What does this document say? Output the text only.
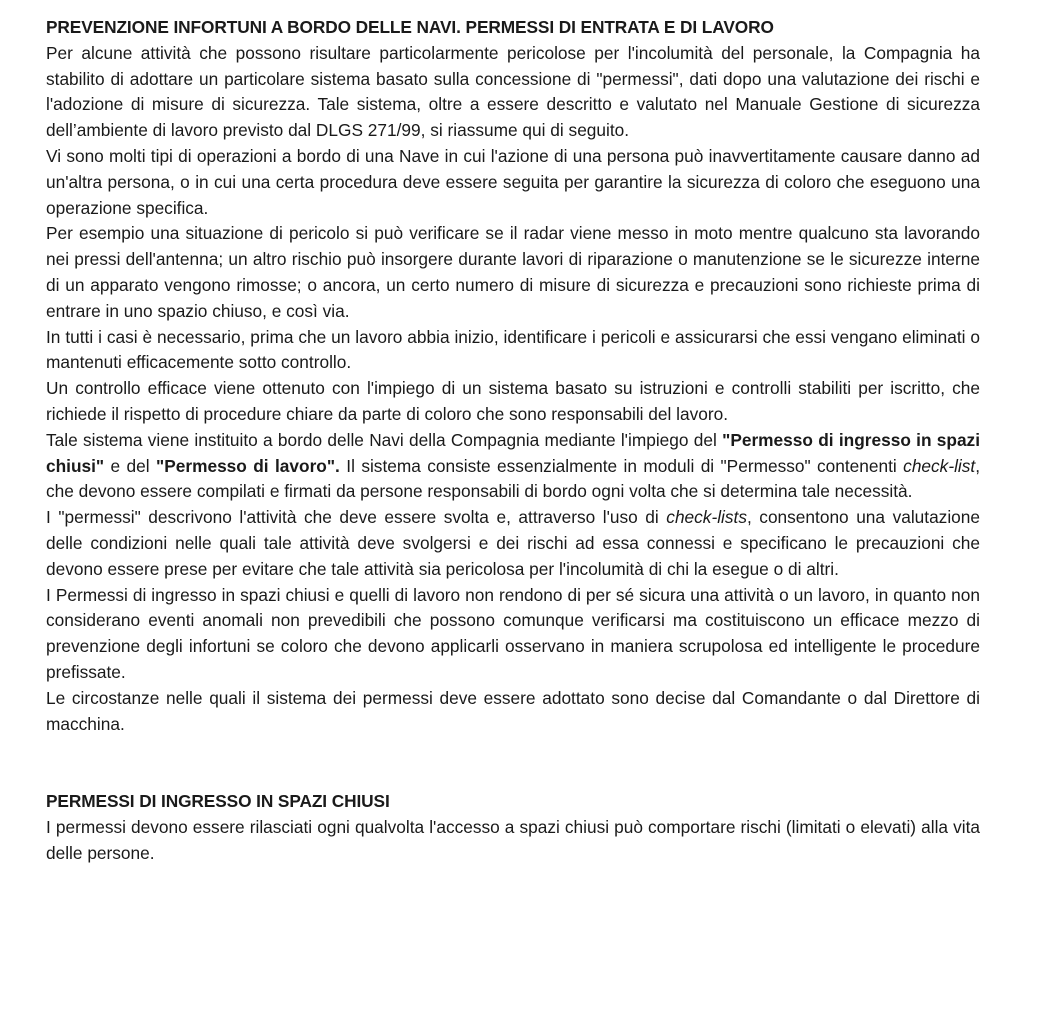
PREVENZIONE INFORTUNI A BORDO DELLE NAVI. PERMESSI DI ENTRATA E DI LAVORO

Per alcune attività che possono risultare particolarmente pericolose per l'incolumità del personale, la Compagnia ha stabilito di adottare un particolare sistema basato sulla concessione di "permessi", dati dopo una valutazione dei rischi e l'adozione di misure di sicurezza. Tale sistema, oltre a essere descritto e valutato nel Manuale Gestione di sicurezza dell’ambiente di lavoro previsto dal DLGS 271/99, si riassume qui di seguito.

Vi sono molti tipi di operazioni a bordo di una Nave in cui l'azione di una persona può inavvertitamente causare danno ad un'altra persona, o in cui una certa procedura deve essere seguita per garantire la sicurezza di coloro che eseguono una operazione specifica.

Per esempio una situazione di pericolo si può verificare se il radar viene messo in moto mentre qualcuno sta lavorando nei pressi dell'antenna; un altro rischio può insorgere durante lavori di riparazione o manutenzione se le sicurezze interne di un apparato vengono rimosse; o ancora, un certo numero di misure di sicurezza e precauzioni sono richieste prima di entrare in uno spazio chiuso, e così via.

In tutti i casi è necessario, prima che un lavoro abbia inizio, identificare i pericoli e assicurarsi che essi vengano eliminati o mantenuti efficacemente sotto controllo.

Un controllo efficace viene ottenuto con l'impiego di un sistema basato su istruzioni e controlli stabiliti per iscritto, che richiede il rispetto di procedure chiare da parte di coloro che sono responsabili del lavoro.

Tale sistema viene instituito a bordo delle Navi della Compagnia mediante l'impiego del "Permesso di ingresso in spazi chiusi" e del "Permesso di lavoro". Il sistema consiste essenzialmente in moduli di "Permesso" contenenti check-list, che devono essere compilati e firmati da persone responsabili di bordo ogni volta che si determina tale necessità.

I "permessi" descrivono l'attività che deve essere svolta e, attraverso l'uso di check-lists, consentono una valutazione delle condizioni nelle quali tale attività deve svolgersi e dei rischi ad essa connessi e specificano le precauzioni che devono essere prese per evitare che tale attività sia pericolosa per l'incolumità di chi la esegue o di altri.

I Permessi di ingresso in spazi chiusi e quelli di lavoro non rendono di per sé sicura una attività o un lavoro, in quanto non considerano eventi anomali non prevedibili che possono comunque verificarsi ma costituiscono un efficace mezzo di prevenzione degli infortuni se coloro che devono applicarli osservano in maniera scrupolosa ed intelligente le procedure prefissate.

Le circostanze nelle quali il sistema dei permessi deve essere adottato sono decise dal Comandante o dal Direttore di macchina.

PERMESSI DI INGRESSO IN SPAZI CHIUSI

I permessi devono essere rilasciati ogni qualvolta l'accesso a spazi chiusi può comportare rischi (limitati o elevati) alla vita delle persone.
